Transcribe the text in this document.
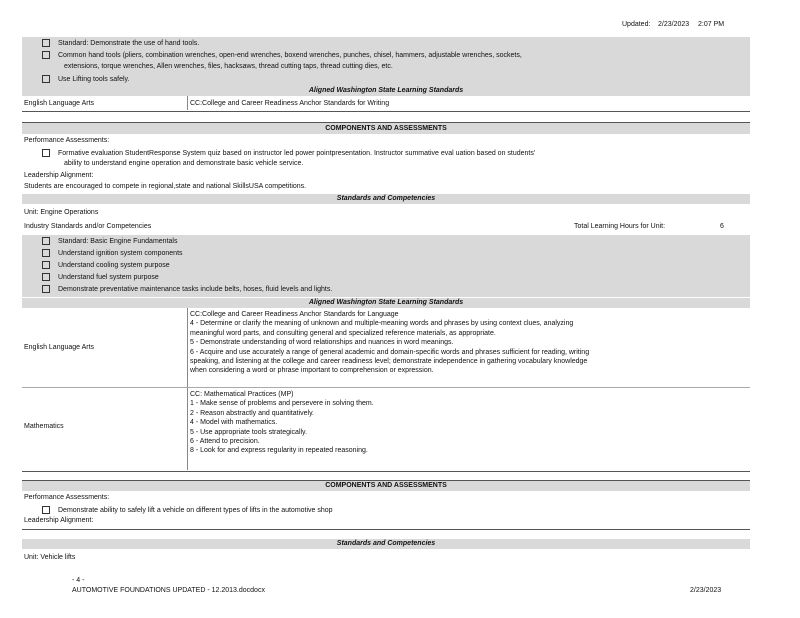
Updated: 2/23/2023 2:07 PM
Standard: Demonstrate the use of hand tools.
Common hand tools (pliers, combination wrenches, open-end wrenches, boxend wrenches, punches, chisel, hammers, adjustable wrenches, sockets,
extensions, torque wrenches, Allen wrenches, files, hacksaws, thread cutting taps, thread cutting dies, etc.
Use Lifting tools safely.
Aligned Washington State Learning Standards
English Language Arts	CC:College and Career Readiness Anchor Standards for Writing
COMPONENTS AND ASSESSMENTS
Performance Assessments:
Formative evaluation StudentResponse System quiz based on instructor led power pointpresentation. Instructor summative eval uation based on students'
ability to understand engine operation and demonstrate basic vehicle service.
Leadership Alignment:
Students are encouraged to compete in regional,state and national SkillsUSA competitions.
Standards and Competencies
Unit: Engine Operations
Industry Standards and/or Competencies	Total Learning Hours for Unit:	6
Standard: Basic Engine Fundamentals
Understand ignition system components
Understand cooling system purpose
Understand fuel system purpose
Demonstrate preventative maintenance tasks include belts, hoses, fluid levels and lights.
Aligned Washington State Learning Standards
English Language Arts
CC:College and Career Readiness Anchor Standards for Language
4 - Determine or clarify the meaning of unknown and multiple-meaning words and phrases by using context clues, analyzing
meaningful word parts, and consulting general and specialized reference materials, as appropriate.
5 - Demonstrate understanding of word relationships and nuances in word meanings.
6 - Acquire and use accurately a range of general academic and domain-specific words and phrases sufficient for reading, writing
speaking, and listening at the college and career readiness level; demonstrate independence in gathering vocabulary knowledge
when considering a word or phrase important to comprehension or expression.
Mathematics
CC: Mathematical Practices (MP)
1 - Make sense of problems and persevere in solving them.
2 - Reason abstractly and quantitatively.
4 - Model with mathematics.
5 - Use appropriate tools strategically.
6 - Attend to precision.
8 - Look for and express regularity in repeated reasoning.
COMPONENTS AND ASSESSMENTS
Performance Assessments:
Demonstrate ability to safely lift a vehicle on different types of lifts in the automotive shop
Leadership Alignment:
Standards and Competencies
Unit: Vehicle lifts
- 4 -
AUTOMOTIVE FOUNDATIONS UPDATED - 12.2013.docdocx	2/23/2023
